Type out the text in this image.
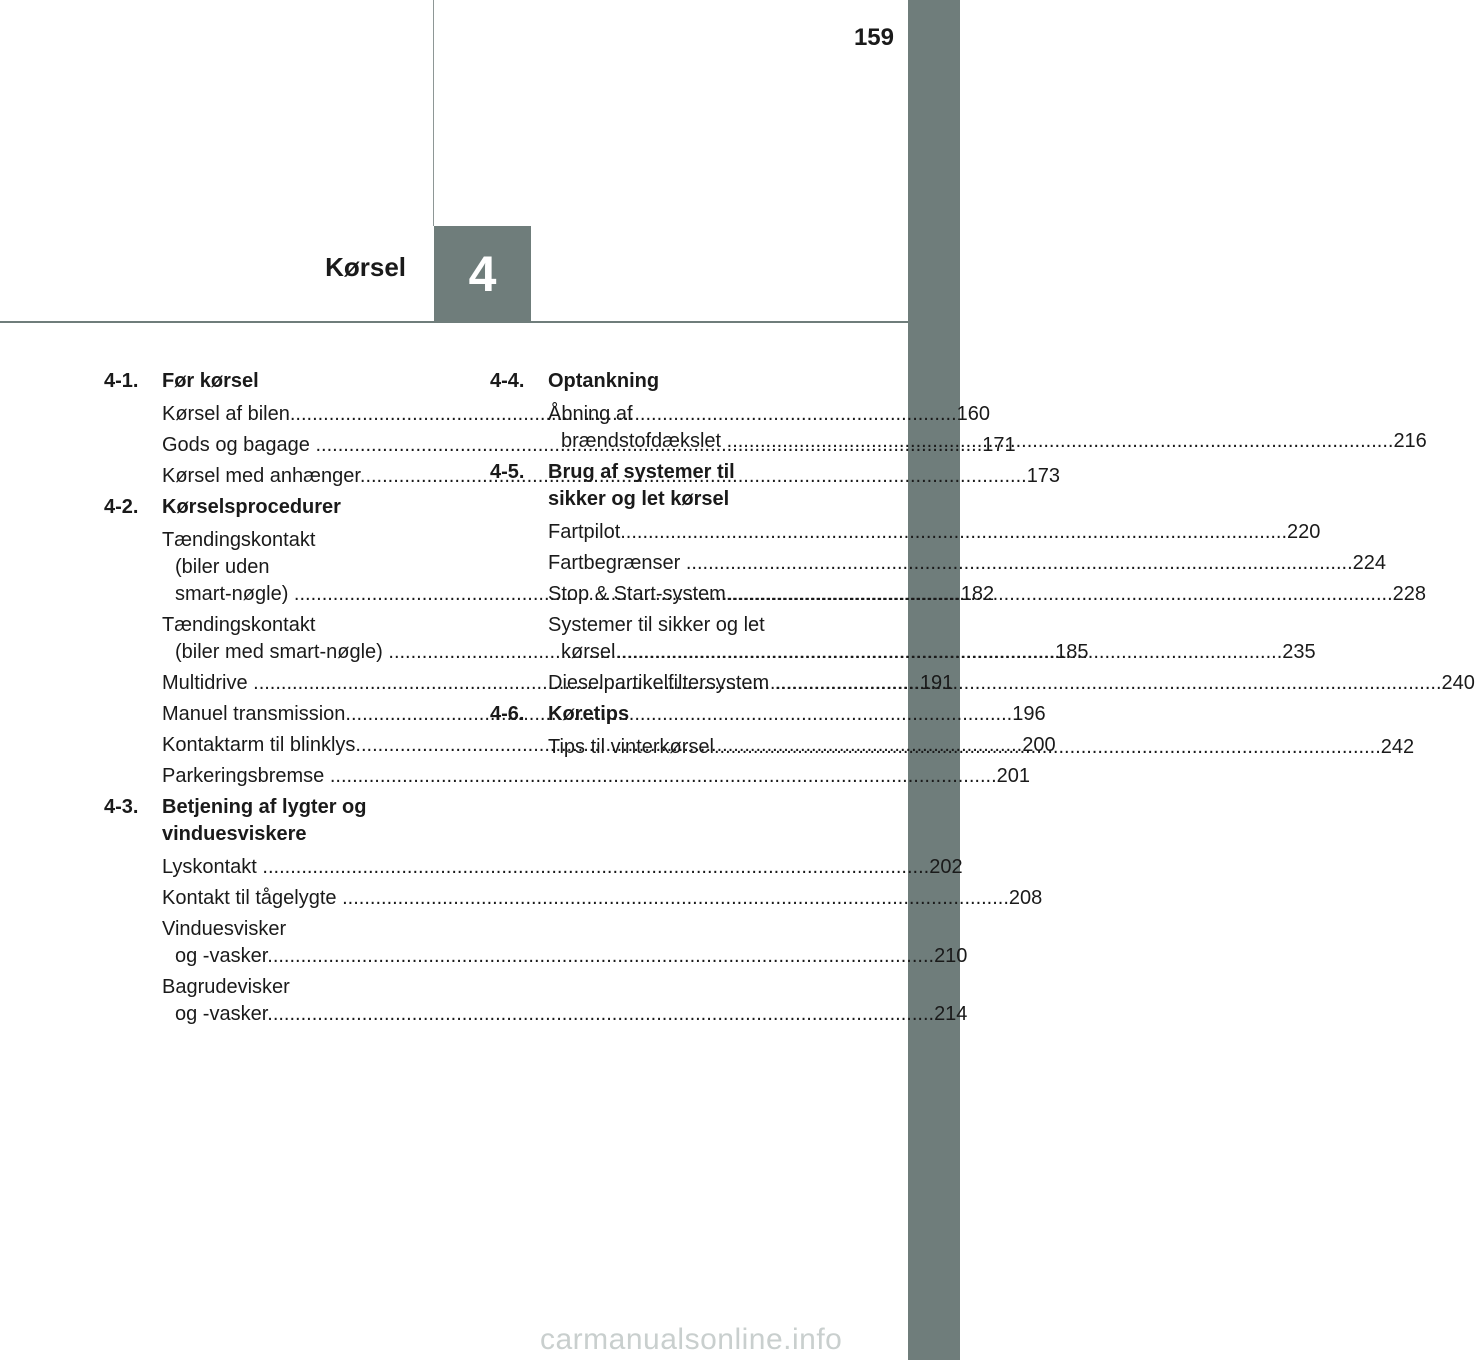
159
Kørsel 4
4-1.	Før kørsel
Kørsel af bilen .....	160
Gods og bagage .....	171
Kørsel med anhænger .....	173
4-2.	Kørselsprocedurer
Tændingskontakt
(biler uden
smart-nøgle) .....	182
Tændingskontakt
(biler med smart-nøgle) .....	185
Multidrive .....	191
Manuel transmission .....	196
Kontaktarm til blinklys .....	200
Parkeringsbremse .....	201
4-3.	Betjening af lygter og
vinduesviskere
Lyskontakt .....	202
Kontakt til tågelygte .....	208
Vinduesvisker
og -vasker .....	210
Bagrudevisker
og -vasker .....	214
4-4.	Optankning
Åbning af
brændstofdækslet .....	216
4-5.	Brug af systemer til
sikker og let kørsel
Fartpilot .....	220
Fartbegrænser .....	224
Stop & Start-system .....	228
Systemer til sikker og let
kørsel .....	235
Dieselpartikelfiltersystem .....	240
4-6.	Køretips
Tips til vinterkørsel .....	242
carmanualsonline.info
